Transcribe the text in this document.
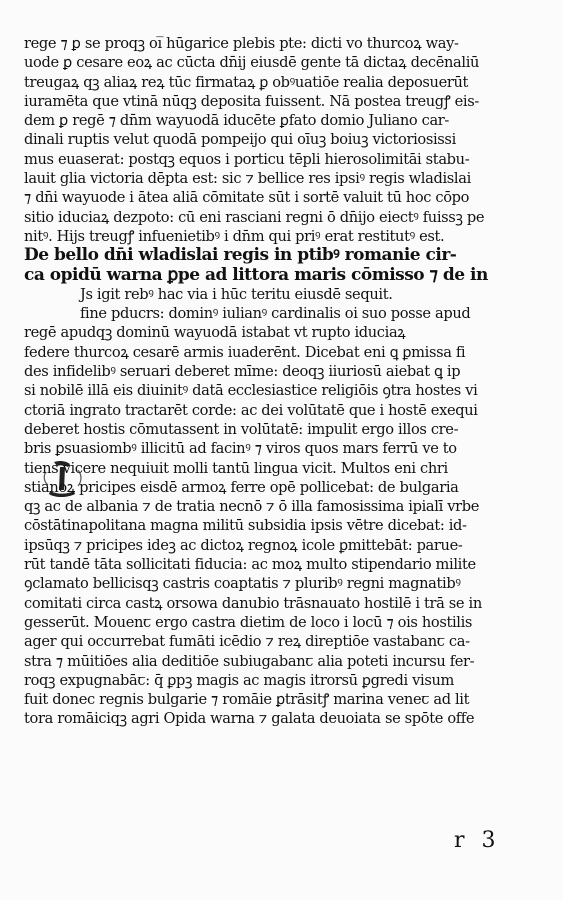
rege ⁊ ꝑ se proqꝫ oi̅ hūgarice plebis pte: dicti vo thurcoꝝ way-
uode ꝑ cesare eoꝝ ac cūcta dn̄ij eiusdē gente tā dictaꝝ decēnaliū
treugaꝝ qꝫ aliaꝝ reꝝ tūc firmataꝝ ꝑ obꝰuatiōe realia deposuerūt
iuramēta que vtinā nūqꝫ deposita fuissent. Nā postea treugꝭ eis-
dem ꝑ regē ⁊ dn̄m wayuodā iducēte ꝑfato domio Juliano car-
dinali ruptis velut quodā pompeijo qui oīuꝫ boiuꝫ victoriosissi
mus euaserat: postqꝫ equos i porticu tēpli hierosolimitāi stabu-
lauit glia victoria dēpta est: sic ⁊ bellice res ipsiꝰ regis wladislai
⁊ dn̄i wayuode i ātea aliā cōmitate sūt i sortē valuit tū hoc cōpo
sitio iduciaꝝ dezpoto: cū eni rasciani regni ō dn̄ijo eiectꝰ fuissꝫ pe
nitꝰ. Hijs treugꝭ infuenietibꝰ i dn̄m qui priꝰ erat restitutꝰ est.
De bello dn̄i wladislai regis in ptibꝰ romanie cir-
ca opidū warna ꝑpe ad littora maris cōmisso ⁊ de in
Js igit rebꝰ hac via i hūc teritu eiusdē sequit.
fine pducrs: dominꝰ iulianꝰ cardinalis oi suo posse apud
regē apudqꝫ dominū wayuodā istabat vt rupto iduciaꝝ
federe thurcoꝝ cesarē armis iuaderēnt. Dicebat eni ꝗ ꝑmissa fi
des infidelibꝰ seruari deberet mīme: deoqꝫ iiuriosū aiebat ꝗ ip
si nobilē illā eis diuinitꝰ datā ecclesiastice religiōis ꝯtra hostes vi
ctoriā ingrato tractarēt corde: ac dei volūtatē que i hostē exequi
deberet hostis cōmutassent in volūtatē: impulit ergo illos cre-
bris ꝑsuasiombꝰ illicitū ad facinꝰ ⁊ viros quos mars ferrū ve to
tiens vicere nequiuit molli tantū lingua vicit. Multos eni chri
stianoꝝ pricipes eisdē armoꝝ ferre opē pollicebat: de bulgaria
qꝫ ac de albania ⁊ de tratia necnō ⁊ ō illa famosissima ipialī vrbe
cōstātinapolitana magna militū subsidia ipsis vētre dicebat: id-
ipsūqꝫ ⁊ pricipes ideꝫ ac dictoꝝ regnoꝝ icole ꝑmittebāt: parue-
rūt tandē tāta sollicitati fiducia: ac moꝝ multo stipendario milite
ꝯclamato bellicisqꝫ castris coaptatis ⁊ pluribꝰ regni magnatibꝰ
comitati circa castꝝ orsowa danubio trāsnauato hostilē i trā se in
gesserūt. Mouenꞇ ergo castra dietim de loco i locū ⁊ ois hostilis
ager qui occurrebat fumāti icēdio ⁊ reꝝ direptiōe vastabanꞇ ca-
stra ⁊ mūitiōes alia deditiōe subiugabanꞇ alia poteti incursu fer-
roqꝫ expugnabāꞇ: q̄ ꝑpꝫ magis ac magis itrorsū ꝑgredi visum
fuit donec regnis bulgarie ⁊ romāie ꝑtrāsitꝭ marina veneꞇ ad lit
tora romāiciqꝫ agri Opida warna ⁊ galata deuoiata se spōte offe
r 3
